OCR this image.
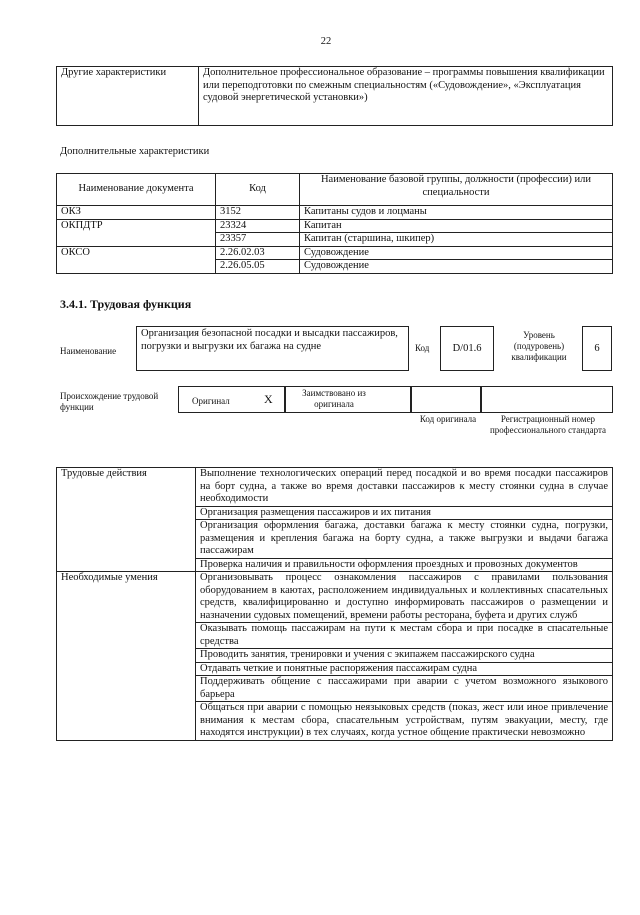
22
Другие характеристики	Дополнительное профессиональное образование – программы повышения квалификации или переподготовки по смежным специальностям («Судовождение», «Эксплуатация судовой энергетической установки»)
Дополнительные характеристики
Наименование документа	Код	Наименование базовой группы, должности (профессии) или специальности
ОКЗ	3152	Капитаны судов и лоцманы
ОКПДТР	23324	Капитан
	23357	Капитан (старшина, шкипер)
ОКСО	2.26.02.03	Судовождение
	2.26.05.05	Судовождение
3.4.1. Трудовая функция
Наименование
Организация безопасной посадки и высадки пассажиров, погрузки и выгрузки их багажа на судне	Код	D/01.6
Уровень (подуровень) квалификации
6
Происхождение трудовой функции
Оригинал	X	Заимствовано из оригинала
Код оригинала	Регистрационный номер профессионального стандарта
Трудовые действия	Выполнение технологических операций перед посадкой и во время посадки пассажиров на борт судна, а также во время доставки пассажиров к месту стоянки судна в случае необходимости
	Организация размещения пассажиров и их питания
	Организация оформления багажа, доставки багажа к месту стоянки судна, погрузки, размещения и крепления багажа на борту судна, а также выгрузки и выдачи багажа пассажирам
	Проверка наличия и правильности оформления проездных и провозных документов
Необходимые умения	Организовывать процесс ознакомления пассажиров с правилами пользования оборудованием в каютах, расположением индивидуальных и коллективных спасательных средств, квалифицированно и доступно информировать пассажиров о размещении и назначении судовых помещений, времени работы ресторана, буфета и других служб
	Оказывать помощь пассажирам на пути к местам сбора и при посадке в спасательные средства
	Проводить занятия, тренировки и учения с экипажем пассажирского судна
	Отдавать четкие и понятные распоряжения пассажирам судна
	Поддерживать общение с пассажирами при аварии с учетом возможного языкового барьера
	Общаться при аварии с помощью неязыковых средств (показ, жест или иное привлечение внимания к местам сбора, спасательным устройствам, путям эвакуации, месту, где находятся инструкции) в тех случаях, когда устное общение практически невозможно
